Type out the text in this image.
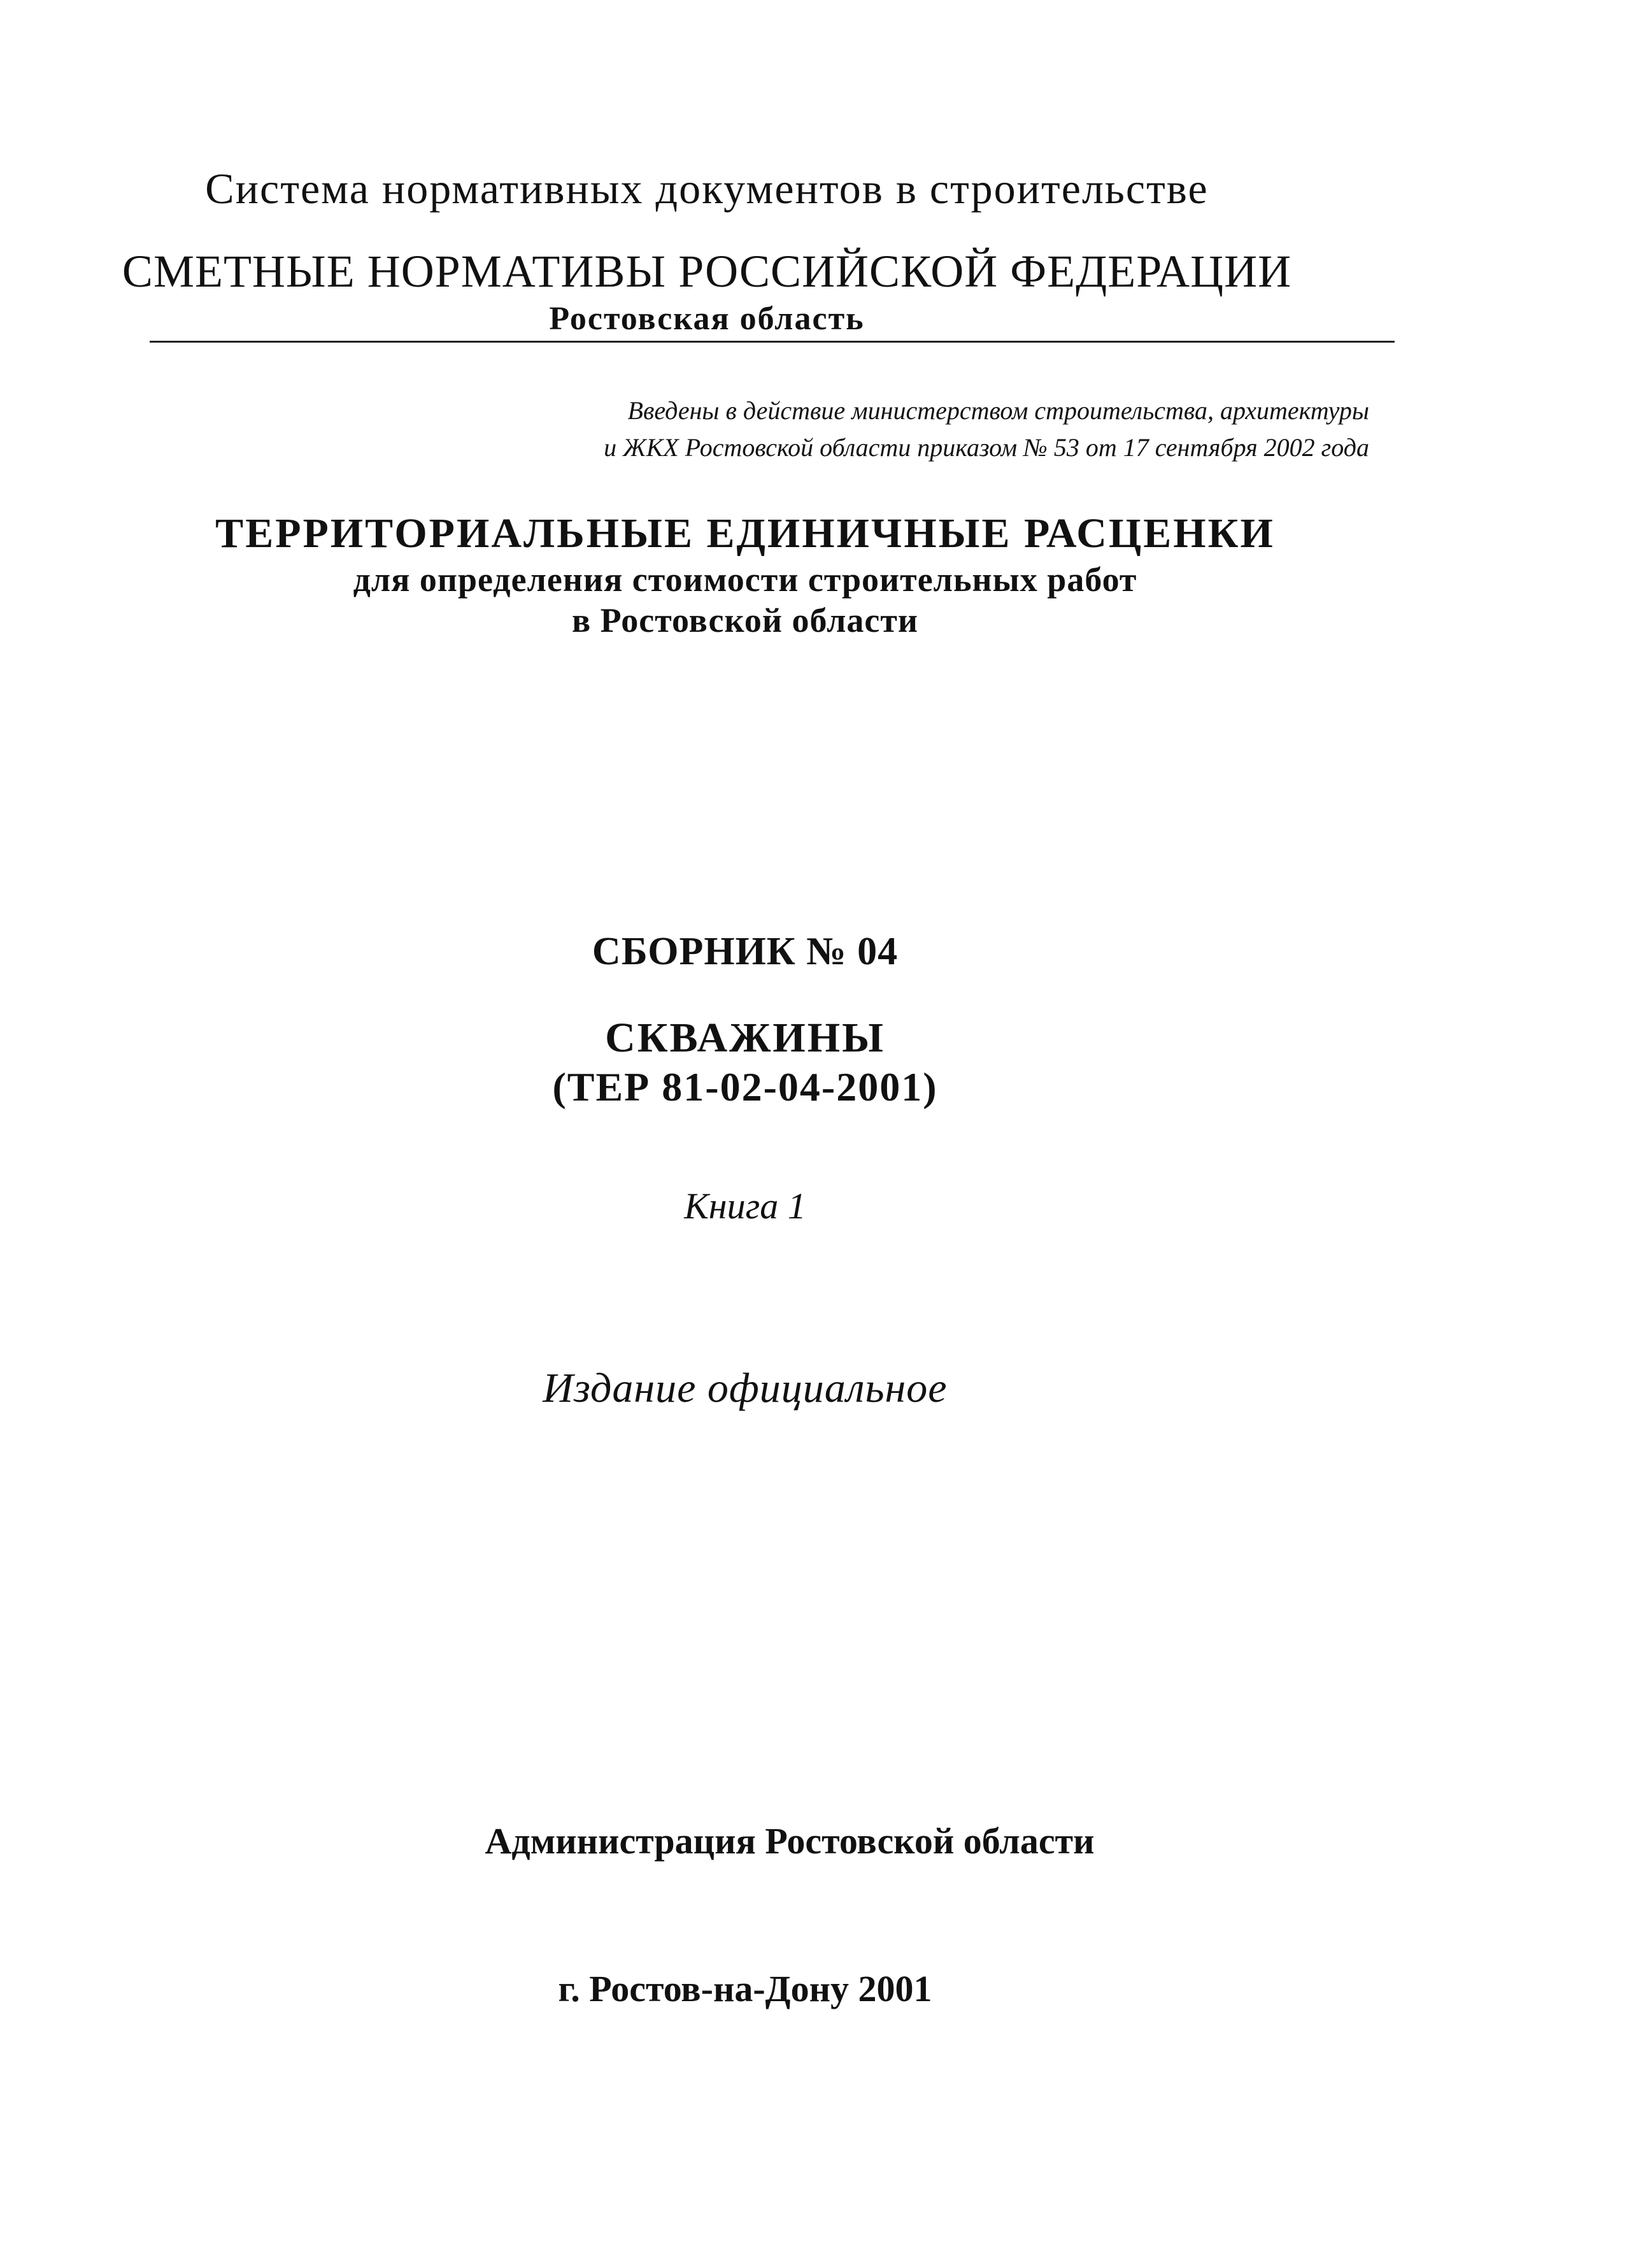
Система нормативных документов в строительстве
СМЕТНЫЕ НОРМАТИВЫ РОССИЙСКОЙ ФЕДЕРАЦИИ
Ростовская область
Введены в действие министерством строительства, архитектуры
и ЖКХ Ростовской области приказом № 53 от 17 сентября 2002 года
ТЕРРИТОРИАЛЬНЫЕ ЕДИНИЧНЫЕ РАСЦЕНКИ
для определения стоимости строительных работ
в Ростовской области
СБОРНИК № 04
СКВАЖИНЫ
(ТЕР 81-02-04-2001)
Книга 1
Издание официальное
Администрация Ростовской области
г. Ростов-на-Дону 2001
